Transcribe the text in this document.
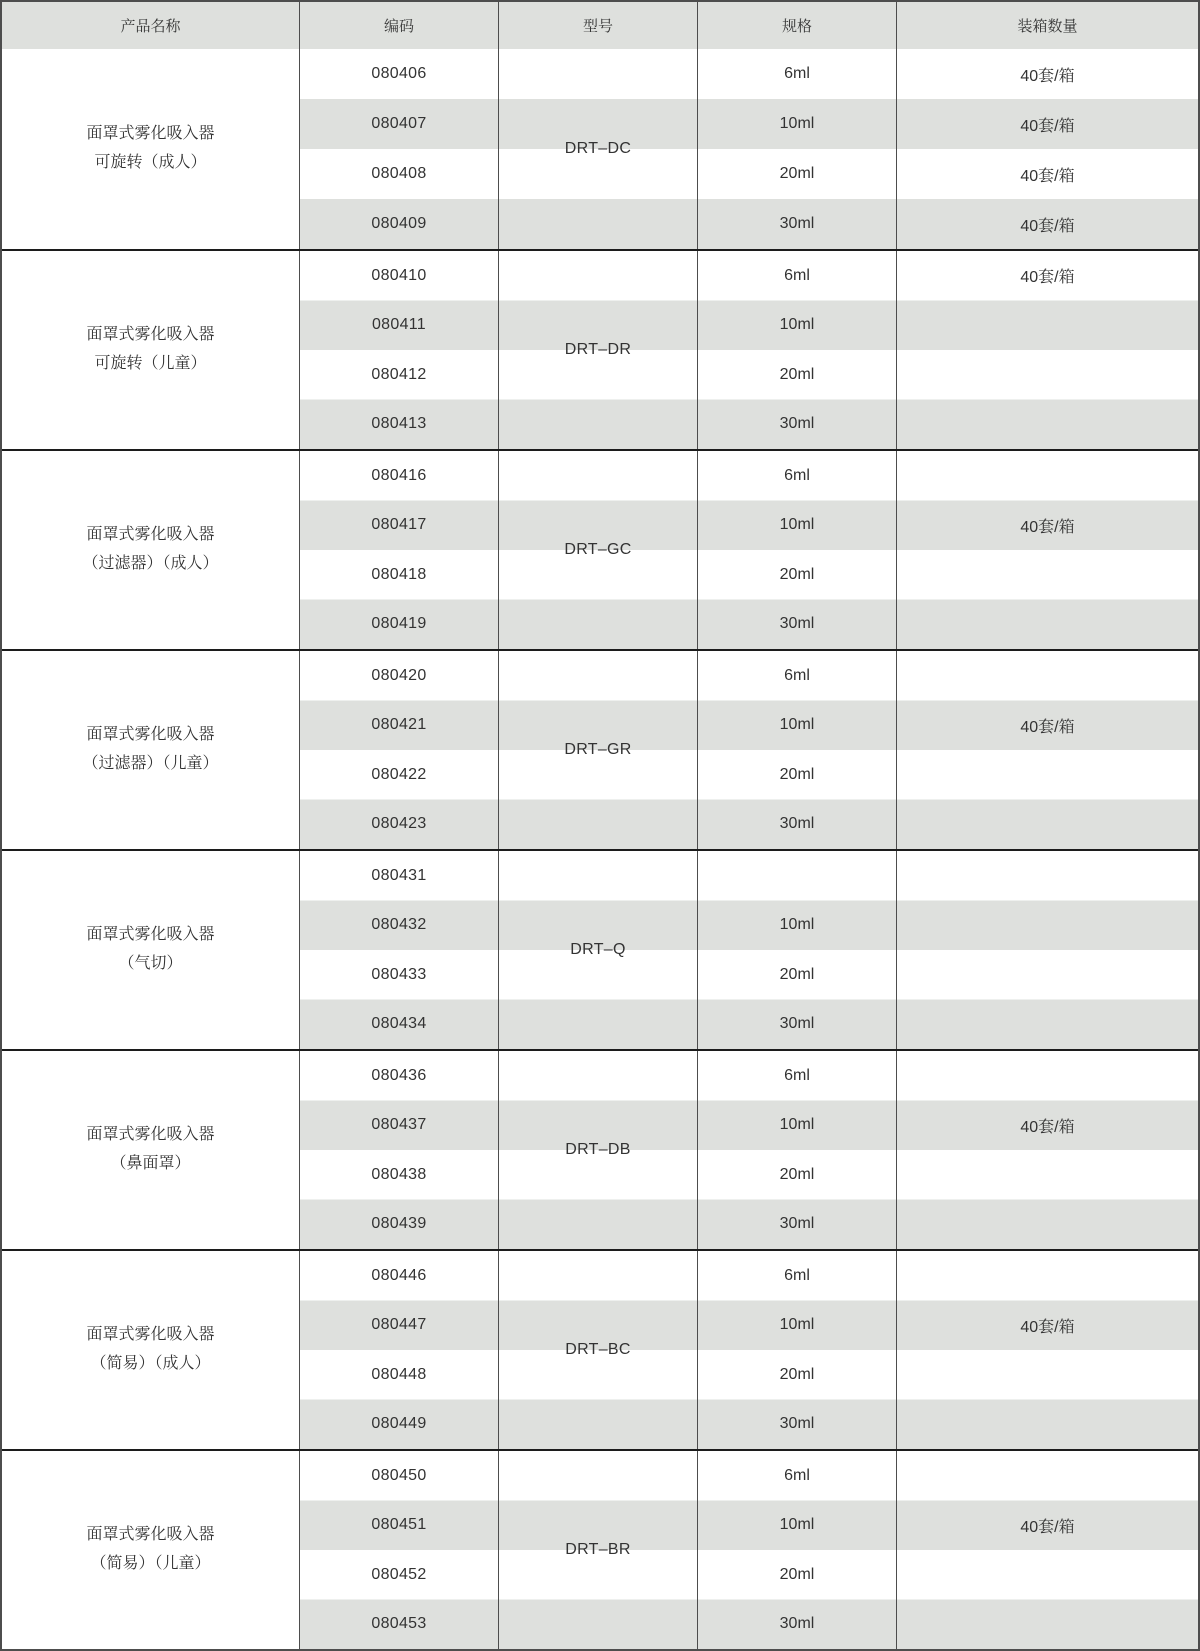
产品名称	编码	型号	规格	装箱数量
面罩式雾化吸入器
可旋转（成人）
DRT–DC
080406	6ml	40套/箱
080407	10ml	40套/箱
080408	20ml	40套/箱
080409	30ml	40套/箱
面罩式雾化吸入器
可旋转（儿童）
DRT–DR
080410	6ml	40套/箱
080411	10ml
080412	20ml
080413	30ml
面罩式雾化吸入器
（过滤器）（成人）
DRT–GC
080416	6ml
080417	10ml	40套/箱
080418	20ml
080419	30ml
面罩式雾化吸入器
（过滤器）（儿童）
DRT–GR
080420	6ml
080421	10ml	40套/箱
080422	20ml
080423	30ml
面罩式雾化吸入器
（气切）
DRT–Q
080431
080432	10ml
080433	20ml
080434	30ml
面罩式雾化吸入器
（鼻面罩）
DRT–DB
080436	6ml
080437	10ml	40套/箱
080438	20ml
080439	30ml
面罩式雾化吸入器
（简易）（成人）
DRT–BC
080446	6ml
080447	10ml	40套/箱
080448	20ml
080449	30ml
面罩式雾化吸入器
（简易）（儿童）
DRT–BR
080450	6ml
080451	10ml	40套/箱
080452	20ml
080453	30ml
